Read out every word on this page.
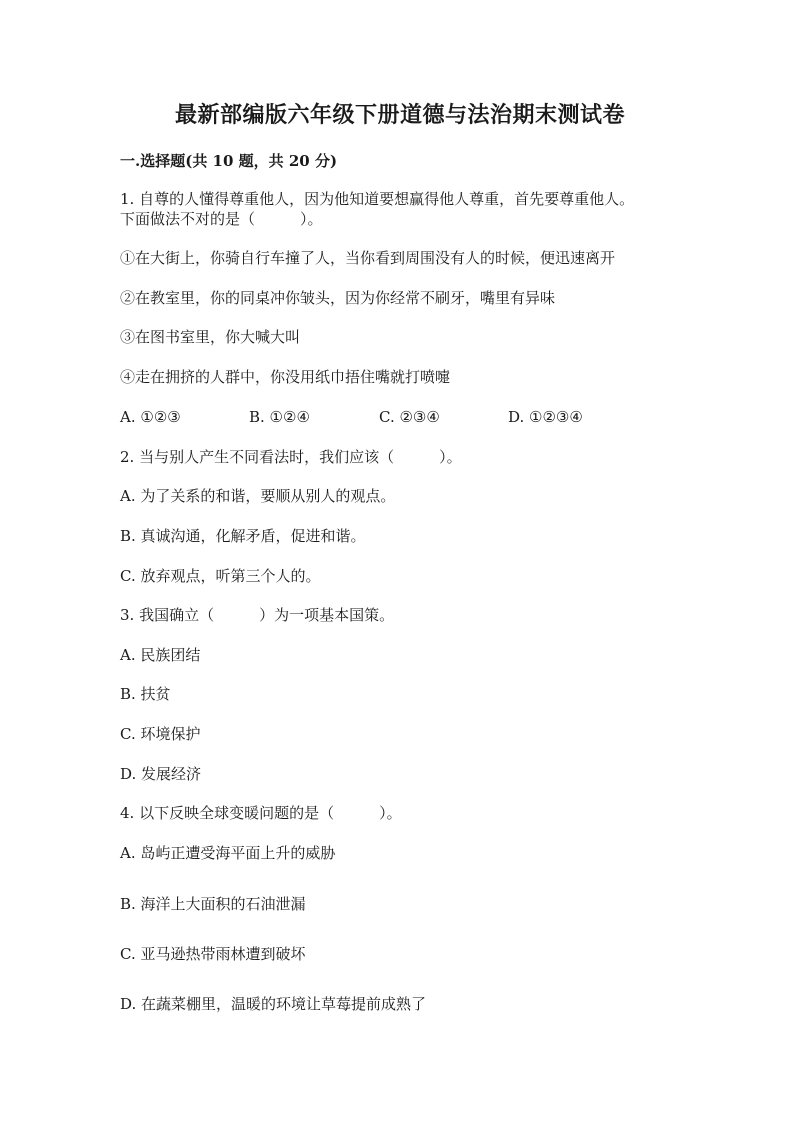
最新部编版六年级下册道德与法治期末测试卷
一.选择题(共 10 题，共 20 分)
1. 自尊的人懂得尊重他人，因为他知道要想赢得他人尊重，首先要尊重他人。
下面做法不对的是（　　　）。
①在大街上，你骑自行车撞了人，当你看到周围没有人的时候，便迅速离开
②在教室里，你的同桌冲你皱头，因为你经常不刷牙，嘴里有异味
③在图书室里，你大喊大叫
④走在拥挤的人群中，你没用纸巾捂住嘴就打喷嚏
A. ①②③	B. ①②④	C. ②③④	D. ①②③④
2. 当与别人产生不同看法时，我们应该（　　　）。
A. 为了关系的和谐，要顺从别人的观点。
B. 真诚沟通，化解矛盾，促进和谐。
C. 放弃观点，听第三个人的。
3. 我国确立（　　　）为一项基本国策。
A. 民族团结
B. 扶贫
C. 环境保护
D. 发展经济
4. 以下反映全球变暖问题的是（　　　）。
A. 岛屿正遭受海平面上升的威胁
B. 海洋上大面积的石油泄漏
C. 亚马逊热带雨林遭到破坏
D. 在蔬菜棚里，温暖的环境让草莓提前成熟了
